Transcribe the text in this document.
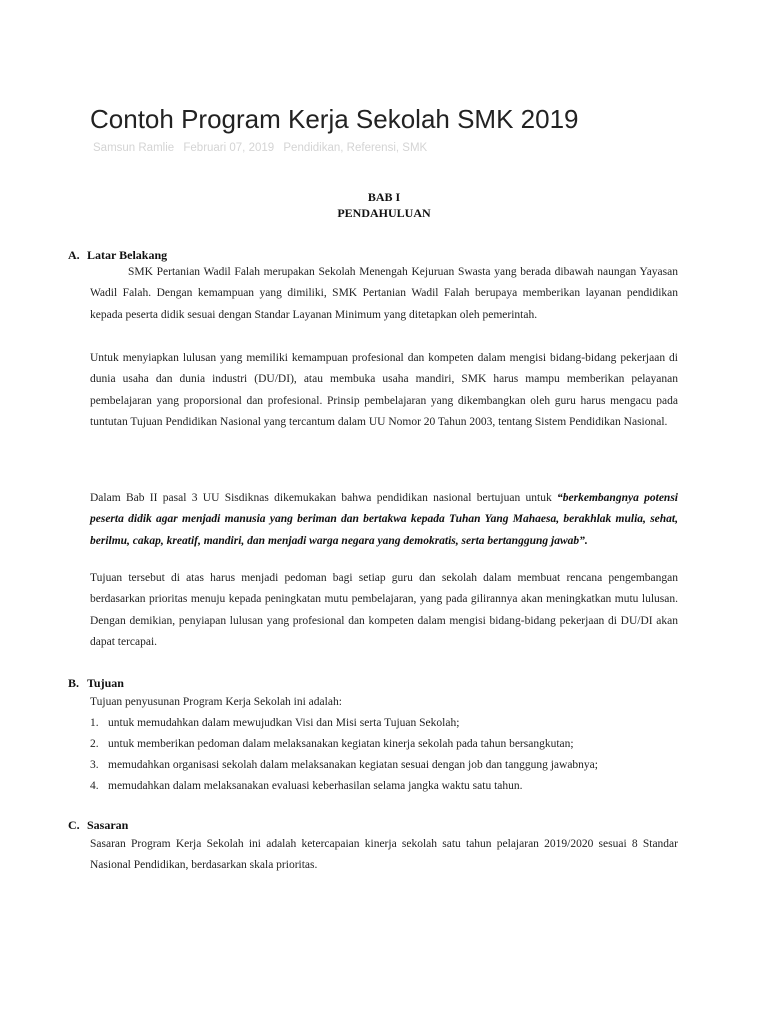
Contoh Program Kerja Sekolah SMK 2019
Samsun Ramlie Februari 07, 2019 Pendidikan, Referensi, SMK
BAB I
PENDAHULUAN
A. Latar Belakang

SMK Pertanian Wadil Falah merupakan Sekolah Menengah Kejuruan Swasta yang berada dibawah naungan Yayasan Wadil Falah. Dengan kemampuan yang dimiliki, SMK Pertanian Wadil Falah berupaya memberikan layanan pendidikan kepada peserta didik sesuai dengan Standar Layanan Minimum yang ditetapkan oleh pemerintah.

Untuk menyiapkan lulusan yang memiliki kemampuan profesional dan kompeten dalam mengisi bidang-bidang pekerjaan di dunia usaha dan dunia industri (DU/DI), atau membuka usaha mandiri, SMK harus mampu memberikan pelayanan pembelajaran yang proporsional dan profesional. Prinsip pembelajaran yang dikembangkan oleh guru harus mengacu pada tuntutan Tujuan Pendidikan Nasional yang tercantum dalam UU Nomor 20 Tahun 2003, tentang Sistem Pendidikan Nasional.

Dalam Bab II pasal 3 UU Sisdiknas dikemukakan bahwa pendidikan nasional bertujuan untuk “berkembangnya potensi peserta didik agar menjadi manusia yang beriman dan bertakwa kepada Tuhan Yang Mahaesa, berakhlak mulia, sehat, berilmu, cakap, kreatif, mandiri, dan menjadi warga negara yang demokratis, serta bertanggung jawab”.

Tujuan tersebut di atas harus menjadi pedoman bagi setiap guru dan sekolah dalam membuat rencana pengembangan berdasarkan prioritas menuju kepada peningkatan mutu pembelajaran, yang pada gilirannya akan meningkatkan mutu lulusan. Dengan demikian, penyiapan lulusan yang profesional dan kompeten dalam mengisi bidang-bidang pekerjaan di DU/DI akan dapat tercapai.

B. Tujuan
Tujuan penyusunan Program Kerja Sekolah ini adalah:
1. untuk memudahkan dalam mewujudkan Visi dan Misi serta Tujuan Sekolah;
2. untuk memberikan pedoman dalam melaksanakan kegiatan kinerja sekolah pada tahun bersangkutan;
3. memudahkan organisasi sekolah dalam melaksanakan kegiatan sesuai dengan job dan tanggung jawabnya;
4. memudahkan dalam melaksanakan evaluasi keberhasilan selama jangka waktu satu tahun.
C. Sasaran

Sasaran Program Kerja Sekolah ini adalah ketercapaian kinerja sekolah satu tahun pelajaran 2019/2020 sesuai 8 Standar Nasional Pendidikan, berdasarkan skala prioritas.
